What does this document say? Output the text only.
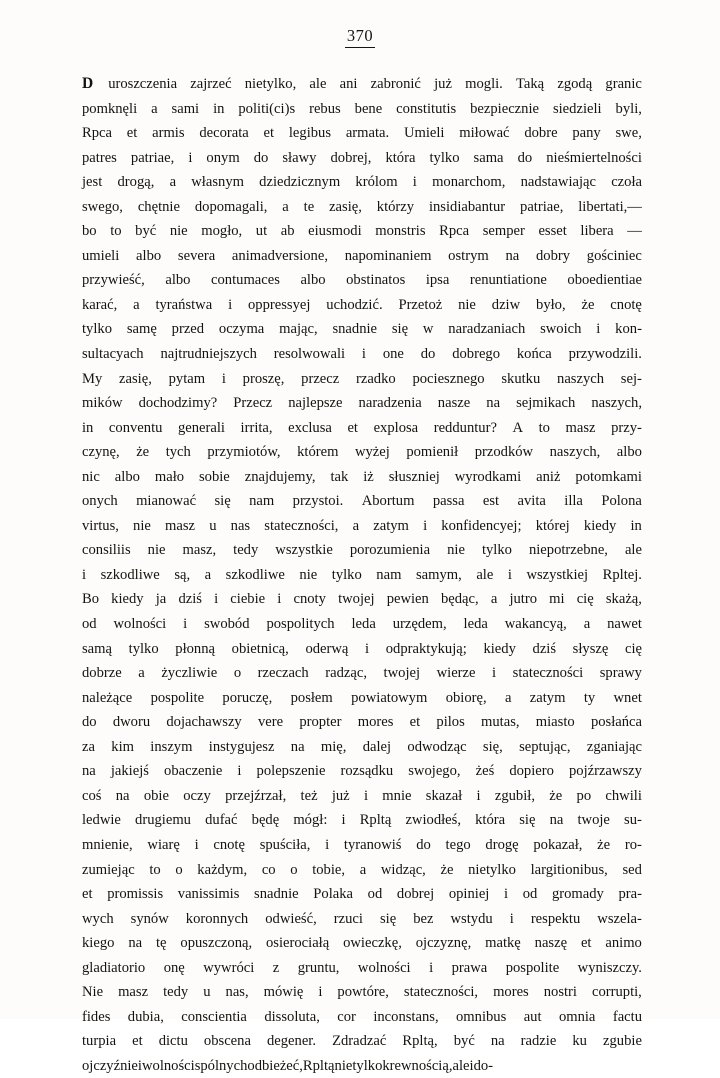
370
D uroszczenia zajrzeć nietylko, ale ani zabronić już mogli. Taką zgodą granic
pomknęli a sami in politi(ci)s rebus bene constitutis bezpiecznie siedzieli byli,
Rpca et armis decorata et legibus armata. Umieli miłować dobre pany swe,
patres patriae, i onym do sławy dobrej, która tylko sama do nieśmiertelności
jest drogą, a własnym dziedzicznym królom i monarchom, nadstawiając czoła
swego, chętnie dopomagali, a te zasię, którzy insidiabantur patriae, libertati,—
bo to być nie mogło, ut ab eiusmodi monstris Rpca semper esset libera —
umieli albo severa animadversione, napominaniem ostrym na dobry gościniec
przywieść, albo contumaces albo obstinatos ipsa renuntiatione oboedientiae
karać, a tyraństwa i oppressyej uchodzić. Przetoż nie dziw było, że cnotę
tylko samę przed oczyma mając, snadnie się w naradzaniach swoich i kon-
sultacyach najtrudniejszych resolwowali i one do dobrego końca przywodzili.
My zasię, pytam i proszę, przecz rzadko pociesznego skutku naszych sej-
mików dochodzimy? Przecz najlepsze naradzenia nasze na sejmikach naszych,
in conventu generali irrita, exclusa et explosa redduntur? A to masz przy-
czynę, że tych przymiotów, którem wyżej pomienił przodków naszych, albo
nic albo mało sobie znajdujemy, tak iż słuszniej wyrodkami aniż potomkami
onych mianować się nam przystoi. Abortum passa est avita illa Polona
virtus, nie masz u nas stateczności, a zatym i konfidencyej; której kiedy in
consiliis nie masz, tedy wszystkie porozumienia nie tylko niepotrzebne, ale
i szkodliwe są, a szkodliwe nie tylko nam samym, ale i wszystkiej Rpltej.
Bo kiedy ja dziś i ciebie i cnoty twojej pewien będąc, a jutro mi cię skażą,
od wolności i swobód pospolitych leda urzędem, leda wakancyą, a nawet
samą tylko płonną obietnicą, oderwą i odpraktykują; kiedy dziś słyszę cię
dobrze a życzliwie o rzeczach radząc, twojej wierze i stateczności sprawy
należące pospolite poruczę, posłem powiatowym obiorę, a zatym ty wnet
do dworu dojachawszy vere propter mores et pilos mutas, miasto posłańca
za kim inszym instygujesz na mię, dalej odwodząc się, septując, zganiając
na jakiejś obaczenie i polepszenie rozsądku swojego, żeś dopiero pojźrzawszy
coś na obie oczy przejźrzał, też już i mnie skazał i zgubił, że po chwili
ledwie drugiemu dufać będę mógł: i Rpltą zwiodłeś, która się na twoje su-
mnienie, wiarę i cnotę spuściła, i tyranowiś do tego drogę pokazał, że ro-
zumiejąc to o każdym, co o tobie, a widząc, że nietylko largitionibus, sed
et promissis vanissimis snadnie Polaka od dobrej opiniej i od gromady pra-
wych synów koronnych odwieść, rzuci się bez wstydu i respektu wszela-
kiego na tę opuszczoną, osierociałą owieczkę, ojczyznę, matkę naszę et animo
gladiatorio onę wywróci z gruntu, wolności i prawa pospolite wyniszczy.
Nie masz tedy u nas, mówię i powtóre, stateczności, mores nostri corrupti,
fides dubia, conscientia dissoluta, cor inconstans, omnibus aut omnia factu
turpia et dictu obscena degener. Zdradzać Rpltą, być na radzie ku zgubie
ojczyźnie i wolności spólnych odbieżeć, Rpltą nietylko krewnością, ale i do-
